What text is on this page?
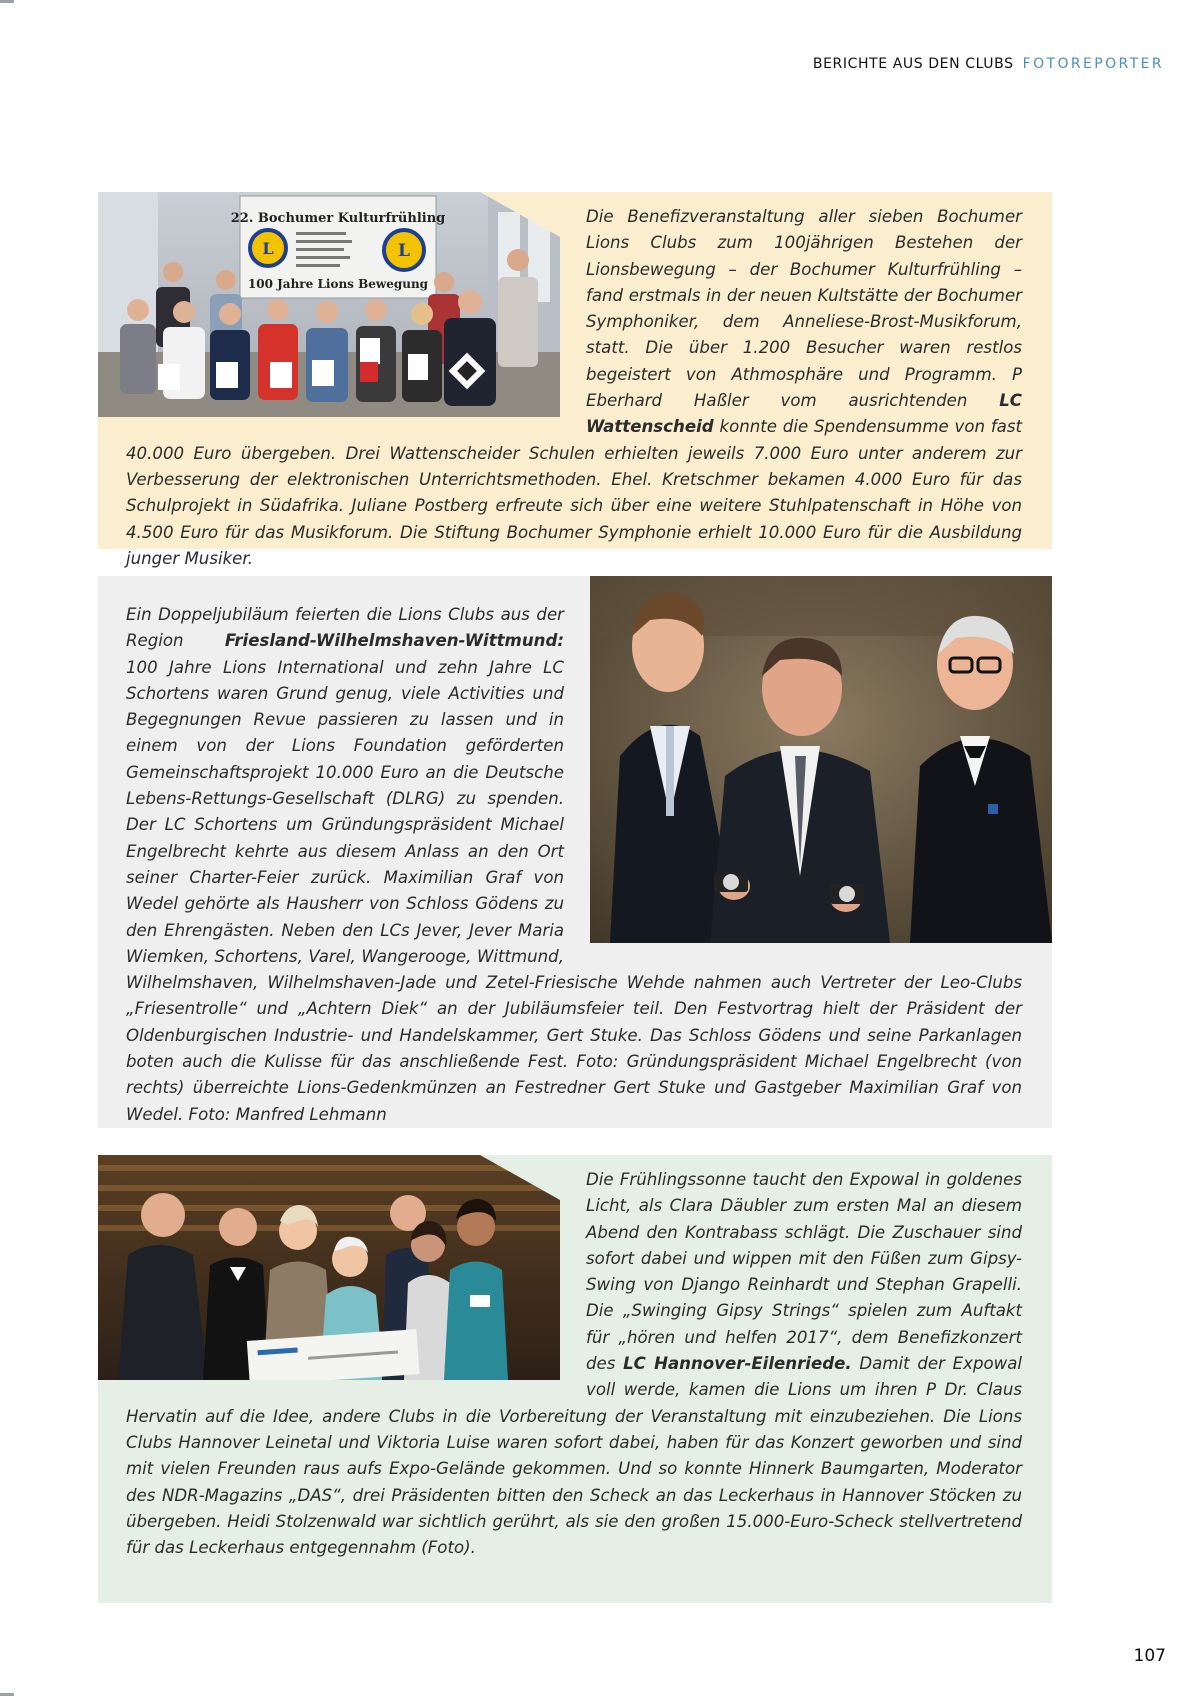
BERICHTE AUS DEN CLUBS FOTOREPORTER
22. Bochumer Kulturfrühling
L	L
100 Jahre Lions Bewegung

Die Benefizveranstaltung aller sieben Bochumer Lions Clubs zum 100jährigen Bestehen der Lionsbewegung – der Bochumer Kulturfrühling – fand erstmals in der neuen Kultstätte der Bochumer Symphoniker, dem Anneliese-Brost-Musikforum, statt. Die über 1.200 Besucher waren restlos begeistert von Athmosphäre und Programm. P Eberhard Haßler vom ausrichtenden LC Wattenscheid konnte die Spendensumme von fast 40.000 Euro übergeben. Drei Wattenscheider Schulen erhielten jeweils 7.000 Euro unter anderem zur Verbesserung der elektronischen Unterrichtsmethoden. Ehel. Kretschmer bekamen 4.000 Euro für das Schulprojekt in Südafrika. Juliane Postberg erfreute sich über eine weitere Stuhlpatenschaft in Höhe von 4.500 Euro für das Musikforum. Die Stiftung Bochumer Symphonie erhielt 10.000 Euro für die Ausbildung junger Musiker.

Ein Doppeljubiläum feierten die Lions Clubs aus der Region Friesland-Wilhelmshaven-Wittmund: 100 Jahre Lions International und zehn Jahre LC Schortens waren Grund genug, viele Activities und Begegnungen Revue passieren zu lassen und in einem von der Lions Foundation geförderten Gemeinschaftsprojekt 10.000 Euro an die Deutsche Lebens-Rettungs-Gesellschaft (DLRG) zu spenden. Der LC Schortens um Gründungspräsident Michael Engelbrecht kehrte aus diesem Anlass an den Ort seiner Charter-Feier zurück. Maximilian Graf von Wedel gehörte als Hausherr von Schloss Gödens zu den Ehrengästen. Neben den LCs Jever, Jever Maria Wiemken, Schortens, Varel, Wangerooge, Wittmund, Wilhelmshaven, Wilhelmshaven-Jade und Zetel-Friesische Wehde nahmen auch Vertreter der Leo-Clubs „Friesentrolle“ und „Achtern Diek“ an der Jubiläumsfeier teil. Den Festvortrag hielt der Präsident der Oldenburgischen Industrie- und Handelskammer, Gert Stuke. Das Schloss Gödens und seine Parkanlagen boten auch die Kulisse für das anschließende Fest. Foto: Gründungspräsident Michael Engelbrecht (von rechts) überreichte Lions-Gedenkmünzen an Festredner Gert Stuke und Gastgeber Maximilian Graf von Wedel. Foto: Manfred Lehmann

Die Frühlingssonne taucht den Expowal in goldenes Licht, als Clara Däubler zum ersten Mal an diesem Abend den Kontrabass schlägt. Die Zuschauer sind sofort dabei und wippen mit den Füßen zum Gipsy-Swing von Django Reinhardt und Stephan Grapelli. Die „Swinging Gipsy Strings“ spielen zum Auftakt für „hören und helfen 2017“, dem Benefizkonzert des LC Hannover-Eilenriede. Damit der Expowal voll werde, kamen die Lions um ihren P Dr. Claus Hervatin auf die Idee, andere Clubs in die Vorbereitung der Veranstaltung mit einzubeziehen. Die Lions Clubs Hannover Leinetal und Viktoria Luise waren sofort dabei, haben für das Konzert geworben und sind mit vielen Freunden raus aufs Expo-Gelände gekommen. Und so konnte Hinnerk Baumgarten, Moderator des NDR-Magazins „DAS“, drei Präsidenten bitten den Scheck an das Leckerhaus in Hannover Stöcken zu übergeben. Heidi Stolzenwald war sichtlich gerührt, als sie den großen 15.000-Euro-Scheck stellvertretend für das Leckerhaus entgegennahm (Foto).

107
